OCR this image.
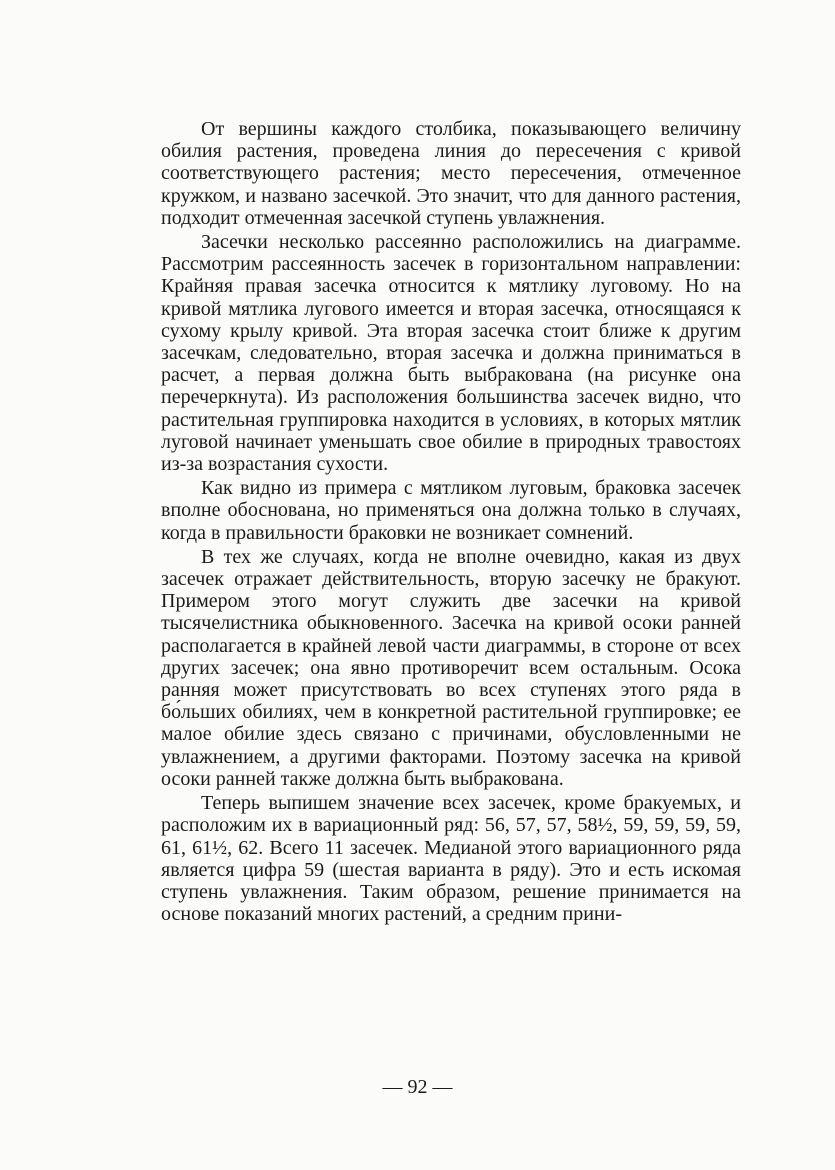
От вершины каждого столбика, показывающего величину обилия растения, проведена линия до пересечения с кривой соответствующего растения; место пересечения, отмеченное кружком, и названо засечкой. Это значит, что для данного растения, подходит отмеченная засечкой ступень увлажнения.

Засечки несколько рассеянно расположились на диаграмме. Рассмотрим рассеянность засечек в горизонтальном направлении: Крайняя правая засечка относится к мятлику луговому. Но на кривой мятлика лугового имеется и вторая засечка, относящаяся к сухому крылу кривой. Эта вторая засечка стоит ближе к другим засечкам, следовательно, вторая засечка и должна приниматься в расчет, а первая должна быть выбракована (на рисунке она перечеркнута). Из расположения большинства засечек видно, что растительная группировка находится в условиях, в которых мятлик луговой начинает уменьшать свое обилие в природных травостоях из-за возрастания сухости.

Как видно из примера с мятликом луговым, браковка засечек вполне обоснована, но применяться она должна только в случаях, когда в правильности браковки не возникает сомнений.

В тех же случаях, когда не вполне очевидно, какая из двух засечек отражает действительность, вторую засечку не бракуют. Примером этого могут служить две засечки на кривой тысячелистника обыкновенного. Засечка на кривой осоки ранней располагается в крайней левой части диаграммы, в стороне от всех других засечек; она явно противоречит всем остальным. Осока ранняя может присутствовать во всех ступенях этого ряда в бо́льших обилиях, чем в конкретной растительной группировке; ее малое обилие здесь связано с причинами, обусловленными не увлажнением, а другими факторами. Поэтому засечка на кривой осоки ранней также должна быть выбракована.

Теперь выпишем значение всех засечек, кроме бракуемых, и расположим их в вариационный ряд: 56, 57, 57, 58½, 59, 59, 59, 59, 61, 61½, 62. Всего 11 засечек. Медианой этого вариационного ряда является цифра 59 (шестая варианта в ряду). Это и есть искомая ступень увлажнения. Таким образом, решение принимается на основе показаний многих растений, а средним прини-

— 92 —
